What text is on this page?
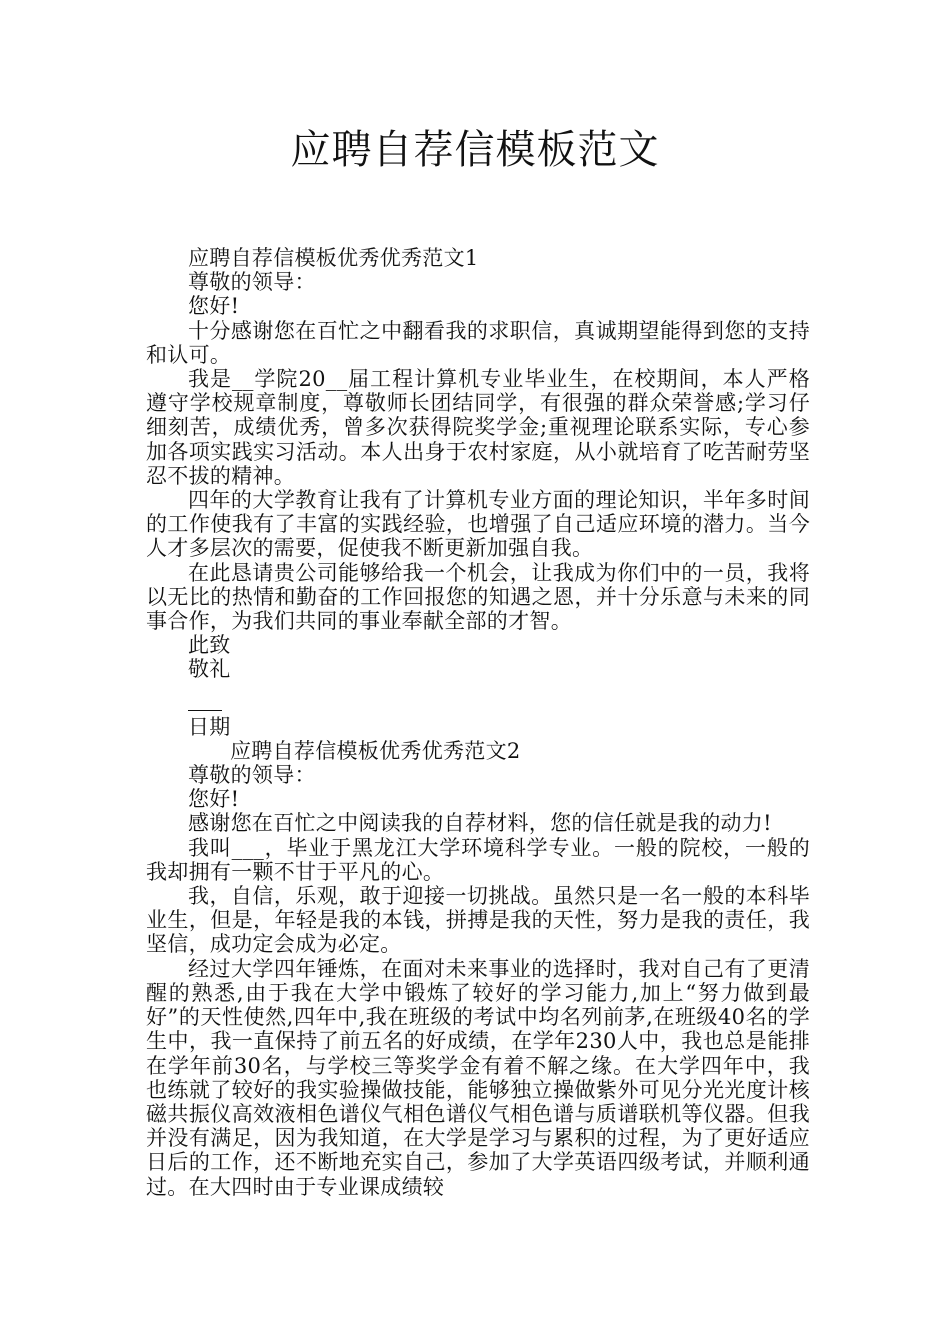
应聘自荐信模板范文

应聘自荐信模板优秀优秀范文1

尊敬的领导：

您好!

十分感谢您在百忙之中翻看我的求职信，真诚期望能得到您的支持和认可。

我是__学院20__届工程计算机专业毕业生，在校期间，本人严格遵守学校规章制度，尊敬师长团结同学，有很强的群众荣誉感;学习仔细刻苦，成绩优秀，曾多次获得院奖学金;重视理论联系实际，专心参加各项实践实习活动。本人出身于农村家庭，从小就培育了吃苦耐劳坚忍不拔的精神。

四年的大学教育让我有了计算机专业方面的理论知识，半年多时间的工作使我有了丰富的实践经验，也增强了自己适应环境的潜力。当今人才多层次的需要，促使我不断更新加强自我。

在此恳请贵公司能够给我一个机会，让我成为你们中的一员，我将以无比的热情和勤奋的工作回报您的知遇之恩，并十分乐意与未来的同事合作，为我们共同的事业奉献全部的才智。

此致

敬礼

日期

应聘自荐信模板优秀优秀范文2

尊敬的领导：

您好!

感谢您在百忙之中阅读我的自荐材料，您的信任就是我的动力!

我叫___，毕业于黑龙江大学环境科学专业。一般的院校，一般的我却拥有一颗不甘于平凡的心。

我，自信，乐观，敢于迎接一切挑战。虽然只是一名一般的本科毕业生，但是，年轻是我的本钱，拼搏是我的天性，努力是我的责任，我坚信，成功定会成为必定。

经过大学四年锤炼，在面对未来事业的选择时，我对自己有了更清醒的熟悉,由于我在大学中锻炼了较好的学习能力,加上“努力做到最好”的天性使然,四年中,我在班级的考试中均名列前茅,在班级40名的学生中，我一直保持了前五名的好成绩，在学年230人中，我也总是能排在学年前30名，与学校三等奖学金有着不解之缘。在大学四年中，我也练就了较好的我实验操做技能，能够独立操做紫外可见分光光度计核磁共振仪高效液相色谱仪气相色谱仪气相色谱与质谱联机等仪器。但我并没有满足，因为我知道，在大学是学习与累积的过程，为了更好适应日后的工作，还不断地充实自己，参加了大学英语四级考试，并顺利通过。在大四时由于专业课成绩较
